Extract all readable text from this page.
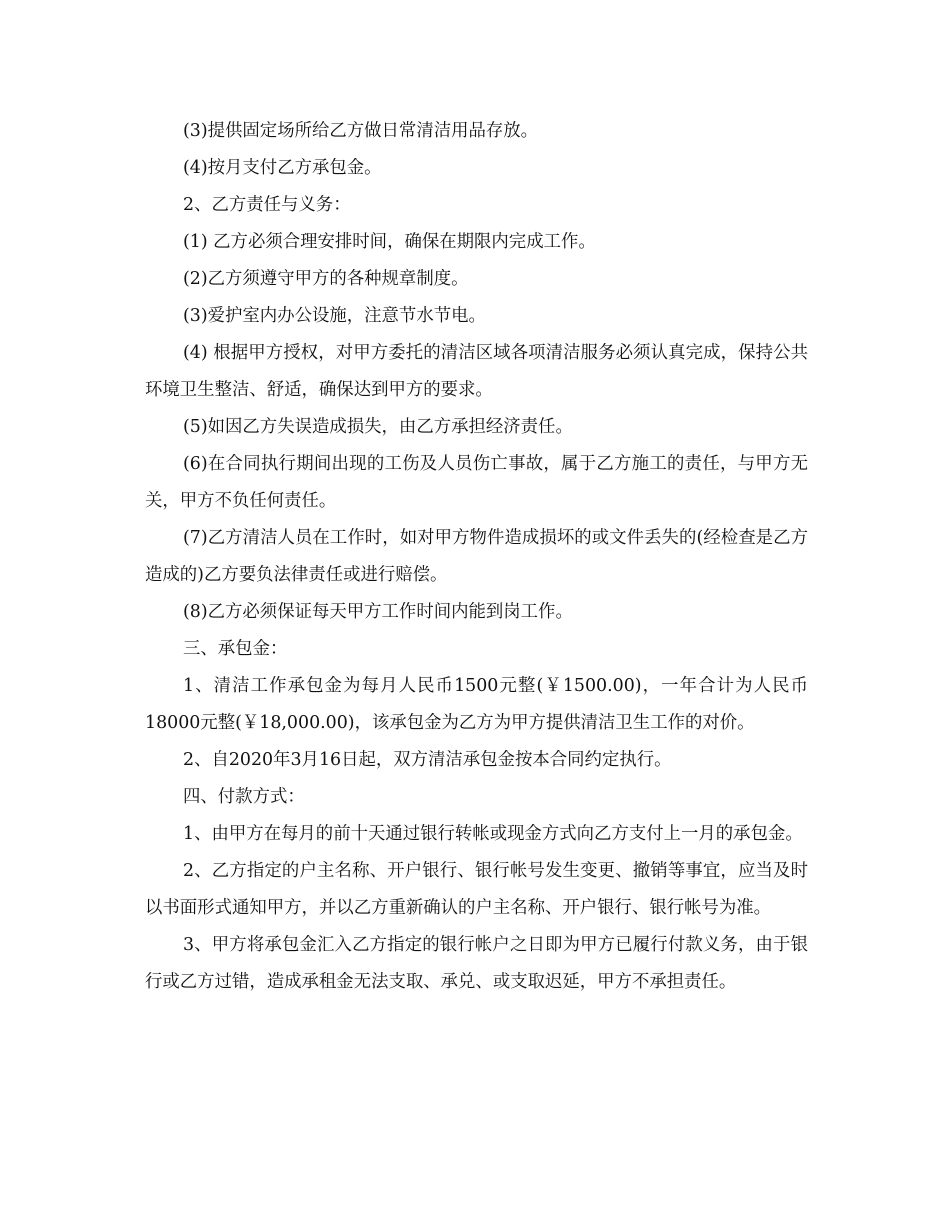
(3)提供固定场所给乙方做日常清洁用品存放。

(4)按月支付乙方承包金。

2、乙方责任与义务：

(1) 乙方必须合理安排时间，确保在期限内完成工作。

(2)乙方须遵守甲方的各种规章制度。

(3)爱护室内办公设施，注意节水节电。

(4) 根据甲方授权，对甲方委托的清洁区域各项清洁服务必须认真完成，保持公共环境卫生整洁、舒适，确保达到甲方的要求。

(5)如因乙方失误造成损失，由乙方承担经济责任。

(6)在合同执行期间出现的工伤及人员伤亡事故，属于乙方施工的责任，与甲方无关，甲方不负任何责任。

(7)乙方清洁人员在工作时，如对甲方物件造成损坏的或文件丢失的(经检查是乙方造成的)乙方要负法律责任或进行赔偿。

(8)乙方必须保证每天甲方工作时间内能到岗工作。

三、承包金：

1、清洁工作承包金为每月人民币1500元整(￥1500.00)，一年合计为人民币18000元整(￥18,000.00)，该承包金为乙方为甲方提供清洁卫生工作的对价。

2、自2020年3月16日起，双方清洁承包金按本合同约定执行。

四、付款方式：

1、由甲方在每月的前十天通过银行转帐或现金方式向乙方支付上一月的承包金。

2、乙方指定的户主名称、开户银行、银行帐号发生变更、撤销等事宜，应当及时以书面形式通知甲方，并以乙方重新确认的户主名称、开户银行、银行帐号为准。

3、甲方将承包金汇入乙方指定的银行帐户之日即为甲方已履行付款义务，由于银行或乙方过错，造成承租金无法支取、承兑、或支取迟延，甲方不承担责任。
